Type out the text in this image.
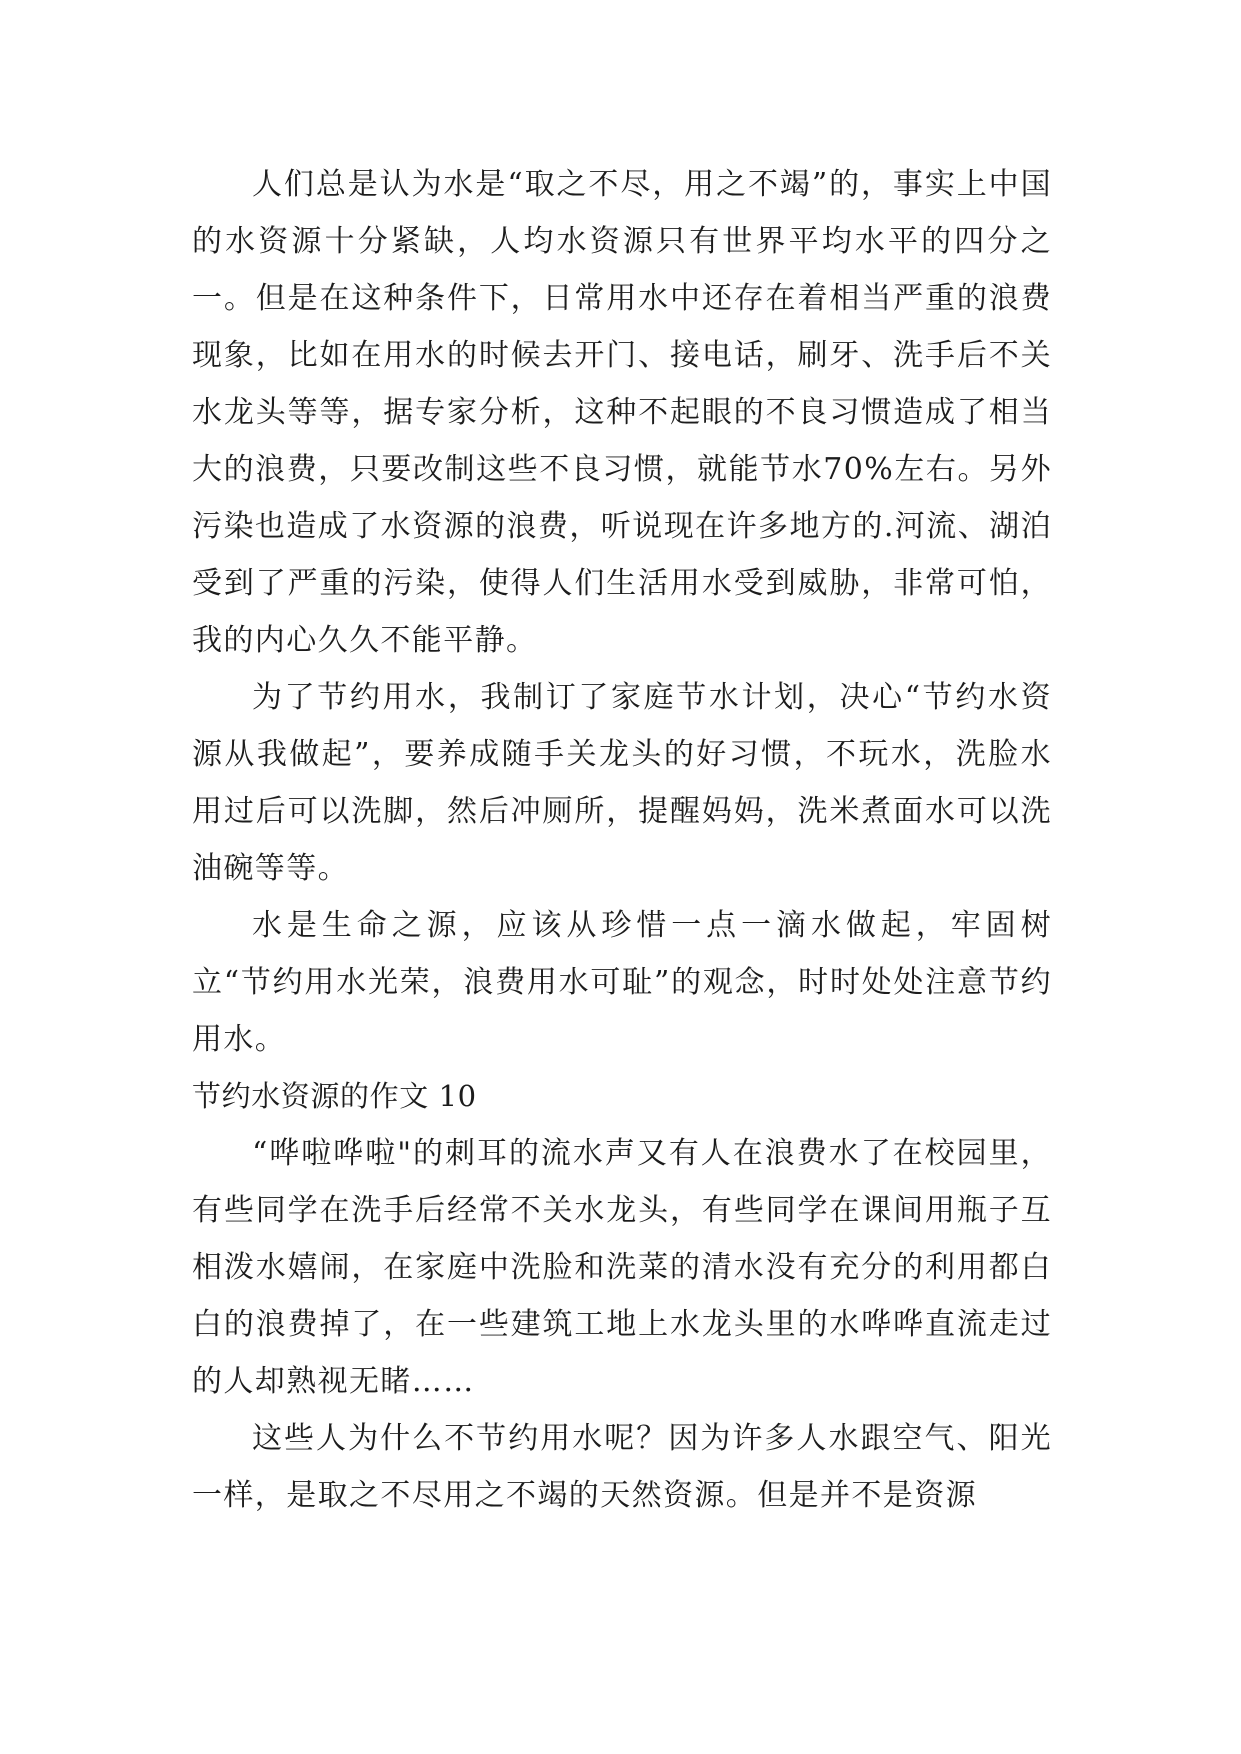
人们总是认为水是“取之不尽，用之不竭”的，事实上中国的水资源十分紧缺，人均水资源只有世界平均水平的四分之一。但是在这种条件下，日常用水中还存在着相当严重的浪费现象，比如在用水的时候去开门、接电话，刷牙、洗手后不关水龙头等等，据专家分析，这种不起眼的不良习惯造成了相当大的浪费，只要改制这些不良习惯，就能节水70%左右。另外污染也造成了水资源的浪费，听说现在许多地方的.河流、湖泊受到了严重的污染，使得人们生活用水受到威胁，非常可怕，我的内心久久不能平静。

为了节约用水，我制订了家庭节水计划，决心“节约水资源从我做起”，要养成随手关龙头的好习惯，不玩水，洗脸水用过后可以洗脚，然后冲厕所，提醒妈妈，洗米煮面水可以洗油碗等等。

水是生命之源，应该从珍惜一点一滴水做起，牢固树立“节约用水光荣，浪费用水可耻”的观念，时时处处注意节约用水。

节约水资源的作文 10

“哗啦哗啦"的刺耳的流水声又有人在浪费水了在校园里，有些同学在洗手后经常不关水龙头，有些同学在课间用瓶子互相泼水嬉闹，在家庭中洗脸和洗菜的清水没有充分的利用都白白的浪费掉了，在一些建筑工地上水龙头里的水哗哗直流走过的人却熟视无睹……

这些人为什么不节约用水呢？因为许多人水跟空气、阳光一样，是取之不尽用之不竭的天然资源。但是并不是资源
